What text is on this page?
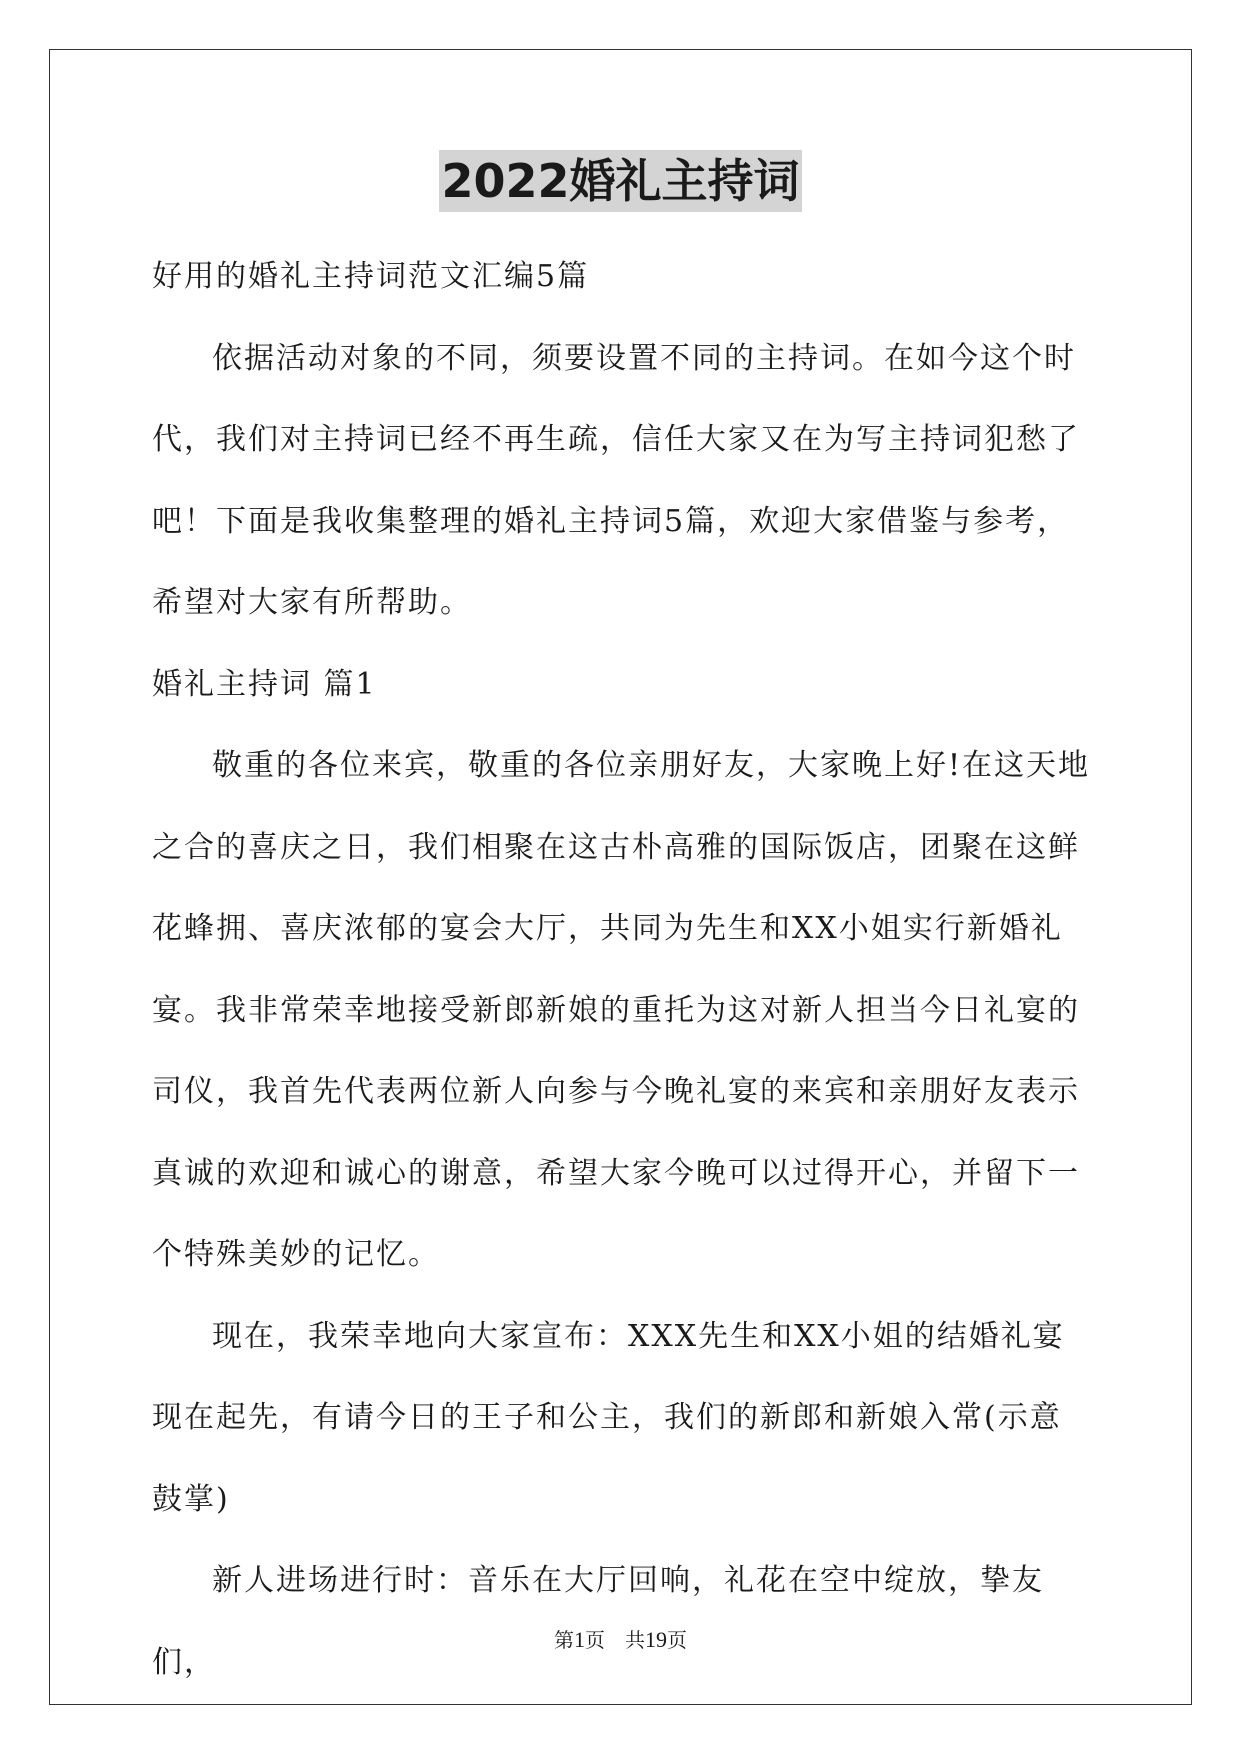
2022婚礼主持词

好用的婚礼主持词范文汇编5篇

依据活动对象的不同，须要设置不同的主持词。在如今这个时代，我们对主持词已经不再生疏，信任大家又在为写主持词犯愁了吧！下面是我收集整理的婚礼主持词5篇，欢迎大家借鉴与参考，希望对大家有所帮助。

婚礼主持词 篇1

敬重的各位来宾，敬重的各位亲朋好友，大家晚上好!在这天地之合的喜庆之日，我们相聚在这古朴高雅的国际饭店，团聚在这鲜花蜂拥、喜庆浓郁的宴会大厅，共同为先生和XX小姐实行新婚礼宴。我非常荣幸地接受新郎新娘的重托为这对新人担当今日礼宴的司仪，我首先代表两位新人向参与今晚礼宴的来宾和亲朋好友表示真诚的欢迎和诚心的谢意，希望大家今晚可以过得开心，并留下一个特殊美妙的记忆。

现在，我荣幸地向大家宣布：XXX先生和XX小姐的结婚礼宴现在起先，有请今日的王子和公主，我们的新郎和新娘入常(示意鼓掌)

新人进场进行时：音乐在大厅回响，礼花在空中绽放，挚友们，

第1页　共19页
